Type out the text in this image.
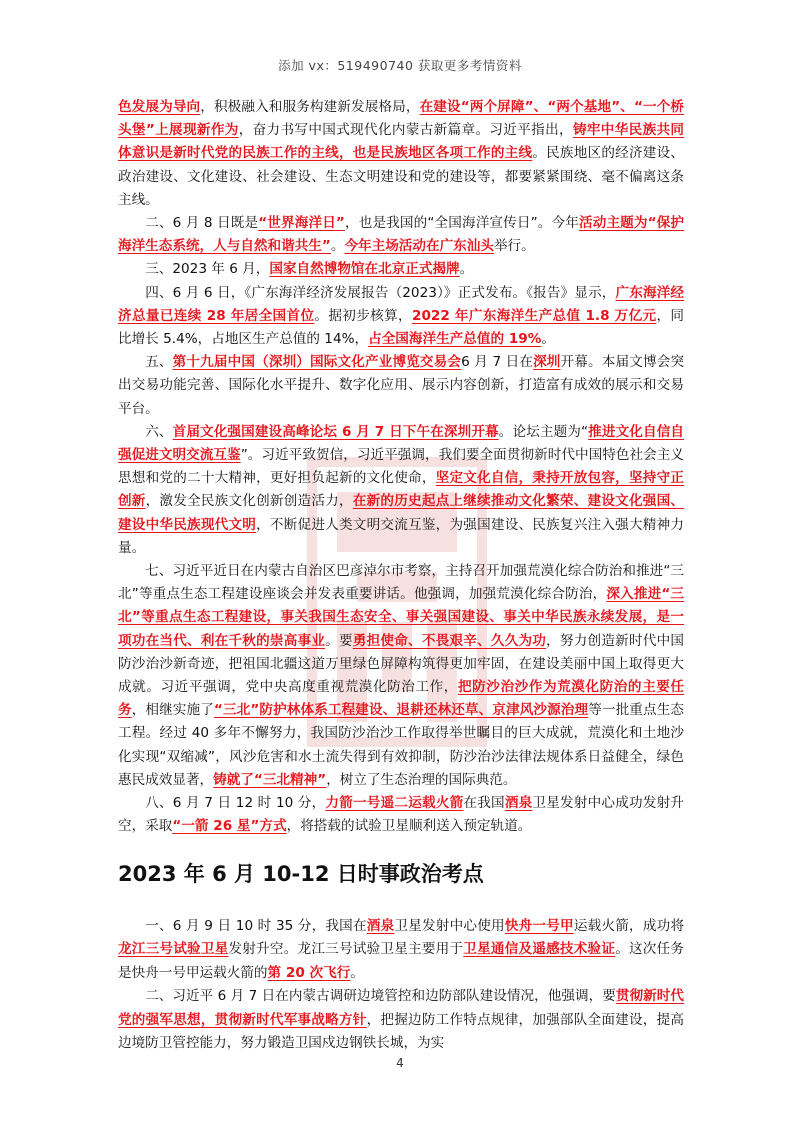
添加 vx：519490740 获取更多考情资料

色发展为导向，积极融入和服务构建新发展格局，在建设“两个屏障”、“两个基地”、“一个桥头堡”上展现新作为，奋力书写中国式现代化内蒙古新篇章。习近平指出，铸牢中华民族共同体意识是新时代党的民族工作的主线，也是民族地区各项工作的主线。民族地区的经济建设、政治建设、文化建设、社会建设、生态文明建设和党的建设等，都要紧紧围绕、毫不偏离这条主线。

二、6 月 8 日既是“世界海洋日”，也是我国的“全国海洋宣传日”。今年活动主题为“保护海洋生态系统，人与自然和谐共生”。今年主场活动在广东汕头举行。

三、2023 年 6 月，国家自然博物馆在北京正式揭牌。

四、6 月 6 日，《广东海洋经济发展报告（2023）》正式发布。《报告》显示，广东海洋经济总量已连续 28 年居全国首位。据初步核算，2022 年广东海洋生产总值 1.8 万亿元，同比增长 5.4%，占地区生产总值的 14%，占全国海洋生产总值的 19%。

五、第十九届中国（深圳）国际文化产业博览交易会6 月 7 日在深圳开幕。本届文博会突出交易功能完善、国际化水平提升、数字化应用、展示内容创新，打造富有成效的展示和交易平台。

六、首届文化强国建设高峰论坛 6 月 7 日下午在深圳开幕。论坛主题为“推进文化自信自强促进文明交流互鉴”。习近平致贺信，习近平强调，我们要全面贯彻新时代中国特色社会主义思想和党的二十大精神，更好担负起新的文化使命，坚定文化自信，秉持开放包容，坚持守正创新，激发全民族文化创新创造活力，在新的历史起点上继续推动文化繁荣、建设文化强国、建设中华民族现代文明，不断促进人类文明交流互鉴，为强国建设、民族复兴注入强大精神力量。

七、习近平近日在内蒙古自治区巴彦淖尔市考察，主持召开加强荒漠化综合防治和推进“三北”等重点生态工程建设座谈会并发表重要讲话。他强调，加强荒漠化综合防治，深入推进“三北”等重点生态工程建设，事关我国生态安全、事关强国建设、事关中华民族永续发展，是一项功在当代、利在千秋的崇高事业。要勇担使命、不畏艰辛、久久为功，努力创造新时代中国防沙治沙新奇迹，把祖国北疆这道万里绿色屏障构筑得更加牢固，在建设美丽中国上取得更大成就。习近平强调，党中央高度重视荒漠化防治工作，把防沙治沙作为荒漠化防治的主要任务，相继实施了“三北”防护林体系工程建设、退耕还林还草、京津风沙源治理等一批重点生态工程。经过 40 多年不懈努力，我国防沙治沙工作取得举世瞩目的巨大成就，荒漠化和土地沙化实现“双缩减”，风沙危害和水土流失得到有效抑制，防沙治沙法律法规体系日益健全，绿色惠民成效显著，铸就了“三北精神”，树立了生态治理的国际典范。

八、6 月 7 日 12 时 10 分，力箭一号遥二运载火箭在我国酒泉卫星发射中心成功发射升空，采取“一箭 26 星”方式，将搭载的试验卫星顺利送入预定轨道。

2023 年 6 月 10-12 日时事政治考点

一、6 月 9 日 10 时 35 分，我国在酒泉卫星发射中心使用快舟一号甲运载火箭，成功将龙江三号试验卫星发射升空。龙江三号试验卫星主要用于卫星通信及遥感技术验证。这次任务是快舟一号甲运载火箭的第 20 次飞行。

二、习近平 6 月 7 日在内蒙古调研边境管控和边防部队建设情况，他强调，要贯彻新时代党的强军思想，贯彻新时代军事战略方针，把握边防工作特点规律，加强部队全面建设，提高边境防卫管控能力，努力锻造卫国戍边钢铁长城，为实

4
